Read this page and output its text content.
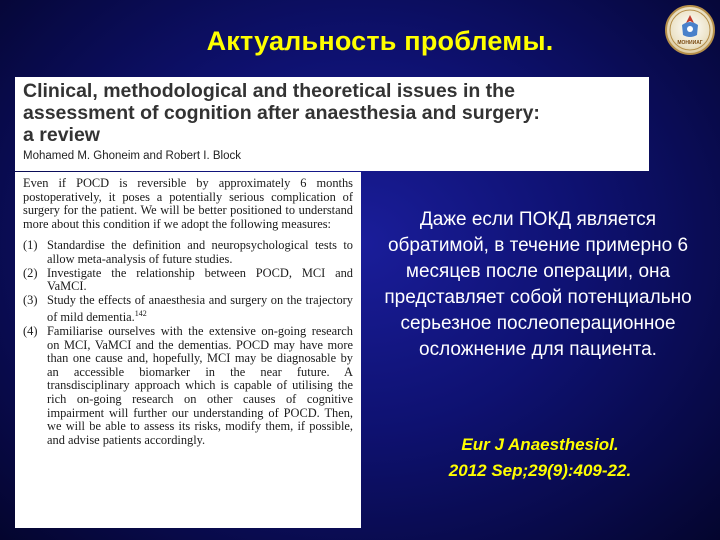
Актуальность проблемы.	МОНИИАГ
Clinical, methodological and theoretical issues in the
assessment of cognition after anaesthesia and surgery:
a review
Mohamed M. Ghoneim and Robert I. Block

Even if POCD is reversible by approximately 6 months postoperatively, it poses a potentially serious complication of surgery for the patient. We will be better positioned to understand more about this condition if we adopt the following measures:

(1) Standardise the definition and neuropsychological tests to allow meta-analysis of future studies.
(2) Investigate the relationship between POCD, MCI and VaMCI.
(3) Study the effects of anaesthesia and surgery on the trajectory of mild dementia.$^{142}$
(4) Familiarise ourselves with the extensive on-going research on MCI, VaMCI and the dementias. POCD may have more than one cause and, hopefully, MCI may be diagnosable by an accessible biomarker in the near future. A transdisciplinary approach which is capable of utilising the rich on-going research on other causes of cognitive impairment will further our understanding of POCD. Then, we will be able to assess its risks, modify them, if possible, and advise patients accordingly.
Даже если ПОКД является обратимой, в течение примерно 6 месяцев после операции, она представляет собой потенциально серьезное послеоперационное осложнение для пациента.
Eur J Anaesthesiol.
2012 Sep;29(9):409-22.
